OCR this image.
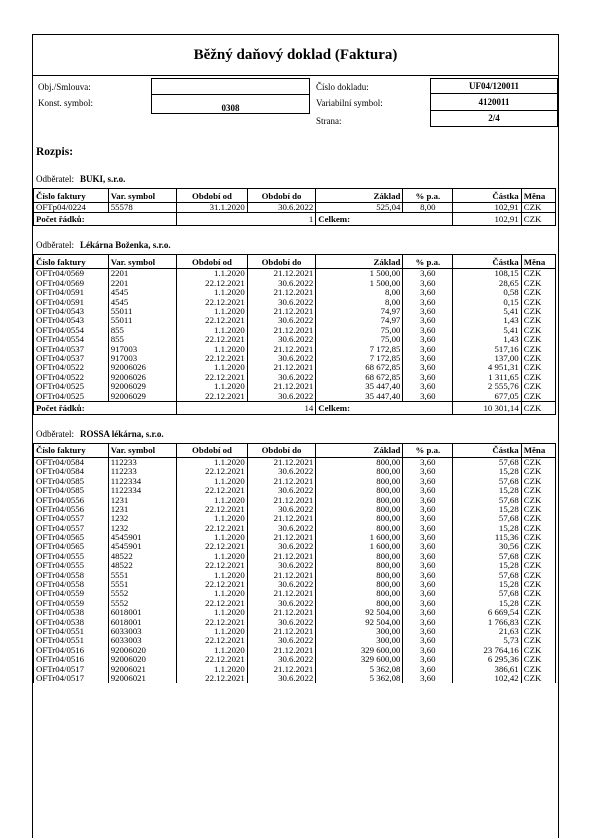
Běžný daňový doklad (Faktura)
Obj./Smlouva:
Konst. symbol:	0308
Číslo dokladu:	UF04/120011
Variabilní symbol:	4120011
Strana:	2/4
Rozpis:
Odběratel: BUKI, s.r.o.
Číslo faktury	Var. symbol	Období od	Období do	Základ	% p.a.	Částka	Měna
OFTp04/0224	55578	31.1.2020	30.6.2022	525,04	8,00	102,91	CZK
Počet řádků:		1		Celkem:		102,91	CZK
Odběratel: Lékárna Boženka, s.r.o.
Číslo faktury	Var. symbol	Období od	Období do	Základ	% p.a.	Částka	Měna
OFTr04/0569	2201	1.1.2020	21.12.2021	1 500,00	3,60	108,15	CZK
OFTr04/0569	2201	22.12.2021	30.6.2022	1 500,00	3,60	28,65	CZK
OFTr04/0591	4545	1.1.2020	21.12.2021	8,00	3,60	0,58	CZK
OFTr04/0591	4545	22.12.2021	30.6.2022	8,00	3,60	0,15	CZK
OFTr04/0543	55011	1.1.2020	21.12.2021	74,97	3,60	5,41	CZK
OFTr04/0543	55011	22.12.2021	30.6.2022	74,97	3,60	1,43	CZK
OFTr04/0554	855	1.1.2020	21.12.2021	75,00	3,60	5,41	CZK
OFTr04/0554	855	22.12.2021	30.6.2022	75,00	3,60	1,43	CZK
OFTr04/0537	917003	1.1.2020	21.12.2021	7 172,85	3,60	517,16	CZK
OFTr04/0537	917003	22.12.2021	30.6.2022	7 172,85	3,60	137,00	CZK
OFTr04/0522	92006026	1.1.2020	21.12.2021	68 672,85	3,60	4 951,31	CZK
OFTr04/0522	92006026	22.12.2021	30.6.2022	68 672,85	3,60	1 311,65	CZK
OFTr04/0525	92006029	1.1.2020	21.12.2021	35 447,40	3,60	2 555,76	CZK
OFTr04/0525	92006029	22.12.2021	30.6.2022	35 447,40	3,60	677,05	CZK
Počet řádků:		14		Celkem:		10 301,14	CZK
Odběratel: ROSSA lékárna, s.r.o.
Číslo faktury	Var. symbol	Období od	Období do	Základ	% p.a.	Částka	Měna
OFTr04/0584	112233	1.1.2020	21.12.2021	800,00	3,60	57,68	CZK
OFTr04/0584	112233	22.12.2021	30.6.2022	800,00	3,60	15,28	CZK
OFTr04/0585	1122334	1.1.2020	21.12.2021	800,00	3,60	57,68	CZK
OFTr04/0585	1122334	22.12.2021	30.6.2022	800,00	3,60	15,28	CZK
OFTr04/0556	1231	1.1.2020	21.12.2021	800,00	3,60	57,68	CZK
OFTr04/0556	1231	22.12.2021	30.6.2022	800,00	3,60	15,28	CZK
OFTr04/0557	1232	1.1.2020	21.12.2021	800,00	3,60	57,68	CZK
OFTr04/0557	1232	22.12.2021	30.6.2022	800,00	3,60	15,28	CZK
OFTr04/0565	4545901	1.1.2020	21.12.2021	1 600,00	3,60	115,36	CZK
OFTr04/0565	4545901	22.12.2021	30.6.2022	1 600,00	3,60	30,56	CZK
OFTr04/0555	48522	1.1.2020	21.12.2021	800,00	3,60	57,68	CZK
OFTr04/0555	48522	22.12.2021	30.6.2022	800,00	3,60	15,28	CZK
OFTr04/0558	5551	1.1.2020	21.12.2021	800,00	3,60	57,68	CZK
OFTr04/0558	5551	22.12.2021	30.6.2022	800,00	3,60	15,28	CZK
OFTr04/0559	5552	1.1.2020	21.12.2021	800,00	3,60	57,68	CZK
OFTr04/0559	5552	22.12.2021	30.6.2022	800,00	3,60	15,28	CZK
OFTr04/0538	6018001	1.1.2020	21.12.2021	92 504,00	3,60	6 669,54	CZK
OFTr04/0538	6018001	22.12.2021	30.6.2022	92 504,00	3,60	1 766,83	CZK
OFTr04/0551	6033003	1.1.2020	21.12.2021	300,00	3,60	21,63	CZK
OFTr04/0551	6033003	22.12.2021	30.6.2022	300,00	3,60	5,73	CZK
OFTr04/0516	92006020	1.1.2020	21.12.2021	329 600,00	3,60	23 764,16	CZK
OFTr04/0516	92006020	22.12.2021	30.6.2022	329 600,00	3,60	6 295,36	CZK
OFTr04/0517	92006021	1.1.2020	21.12.2021	5 362,08	3,60	386,61	CZK
OFTr04/0517	92006021	22.12.2021	30.6.2022	5 362,08	3,60	102,42	CZK
